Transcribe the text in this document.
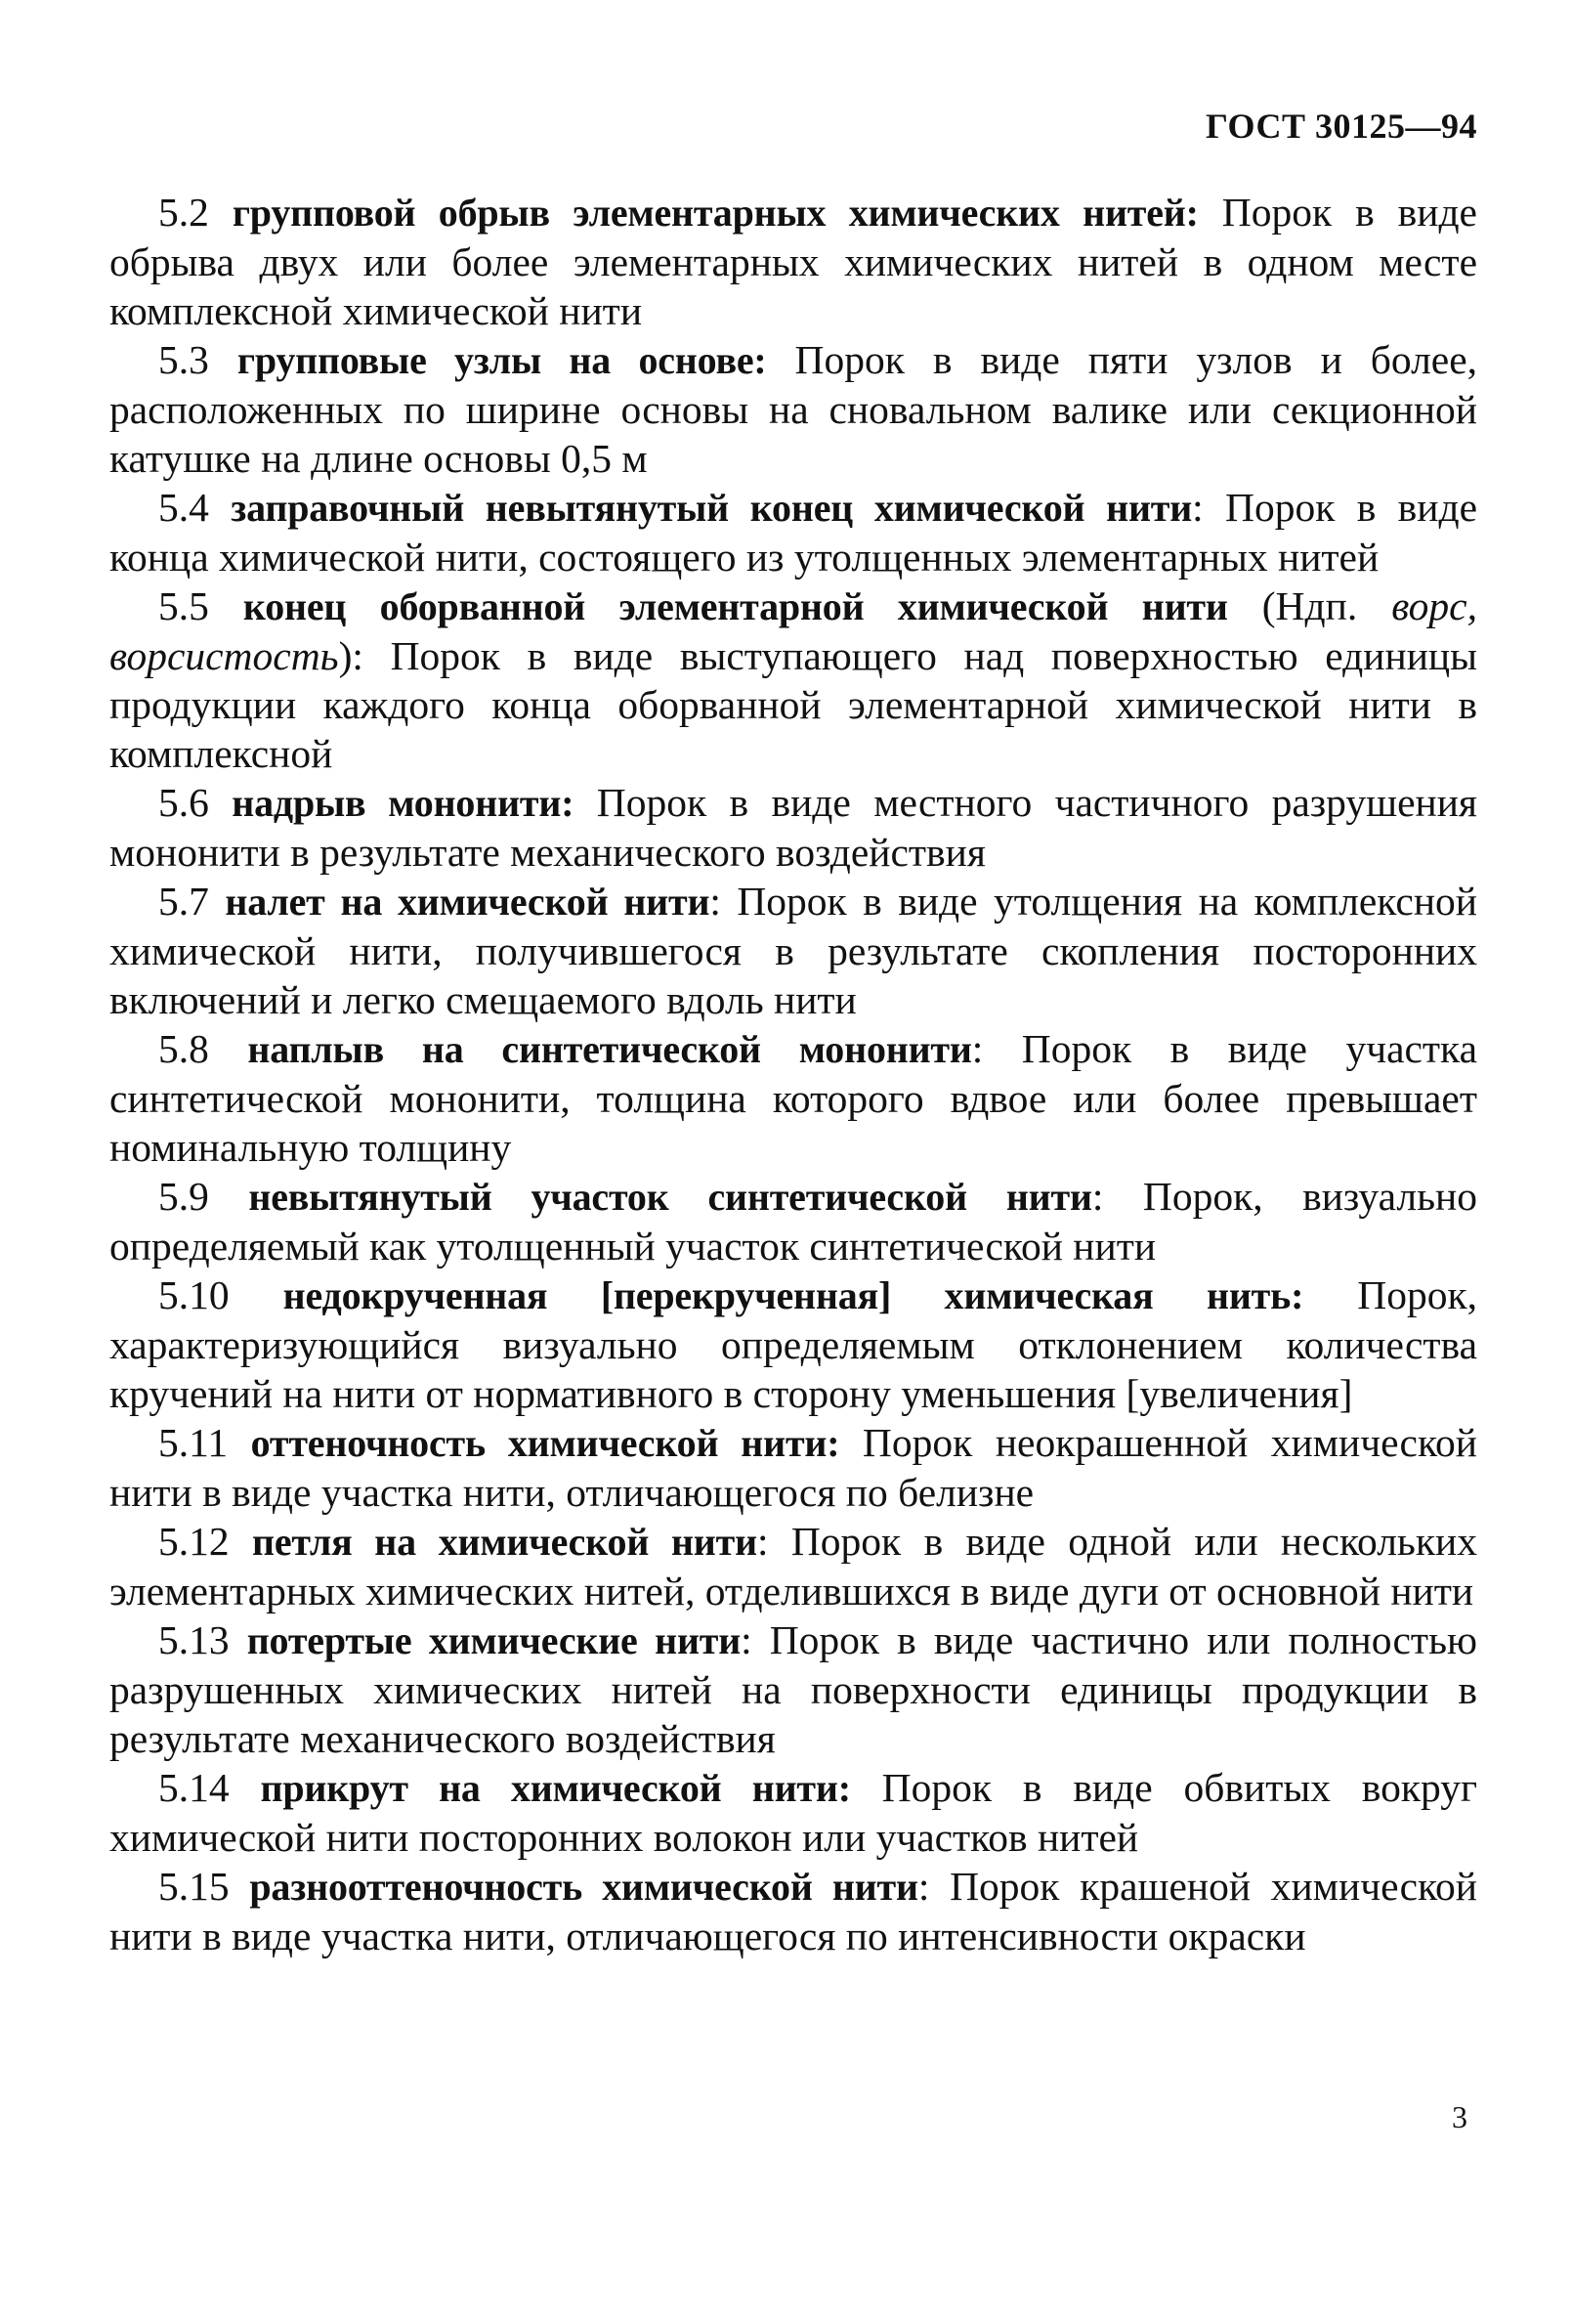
ГОСТ 30125—94

5.2 групповой обрыв элементарных химических нитей: Порок в виде обрыва двух или более элементарных химических нитей в одном месте комплексной химической нити

5.3 групповые узлы на основе: Порок в виде пяти узлов и более, расположенных по ширине основы на сновальном валике или секционной катушке на длине основы 0,5 м

5.4 заправочный невытянутый конец химической нити: Порок в виде конца химической нити, состоящего из утолщенных элементарных нитей

5.5 конец оборванной элементарной химической нити (Ндп. ворс, ворсистость): Порок в виде выступающего над поверхностью единицы продукции каждого конца оборванной элементарной химической нити в комплексной

5.6 надрыв мононити: Порок в виде местного частичного разрушения мононити в результате механического воздействия

5.7 налет на химической нити: Порок в виде утолщения на комплексной химической нити, получившегося в результате скопления посторонних включений и легко смещаемого вдоль нити

5.8 наплыв на синтетической мононити: Порок в виде участка синтетической мононити, толщина которого вдвое или более превышает номинальную толщину

5.9 невытянутый участок синтетической нити: Порок, визуально определяемый как утолщенный участок синтетической нити

5.10 недокрученная [перекрученная] химическая нить: Порок, характеризующийся визуально определяемым отклонением количества кручений на нити от нормативного в сторону уменьшения [увеличения]

5.11 оттеночность химической нити: Порок неокрашенной химической нити в виде участка нити, отличающегося по белизне

5.12 петля на химической нити: Порок в виде одной или нескольких элементарных химических нитей, отделившихся в виде дуги от основной нити

5.13 потертые химические нити: Порок в виде частично или полностью разрушенных химических нитей на поверхности единицы продукции в результате механического воздействия

5.14 прикрут на химической нити: Порок в виде обвитых вокруг химической нити посторонних волокон или участков нитей

5.15 разнооттеночность химической нити: Порок крашеной химической нити в виде участка нити, отличающегося по интенсивности окраски

3
